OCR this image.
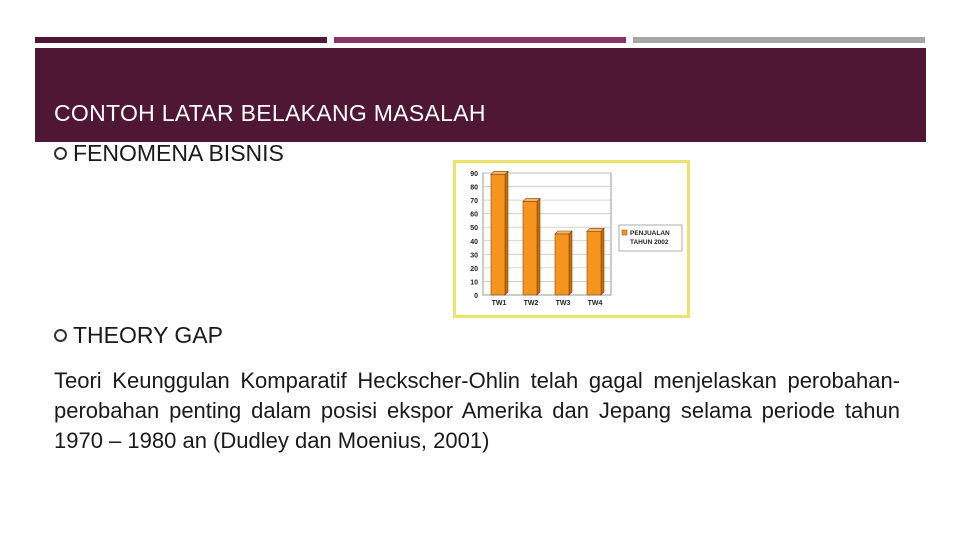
CONTOH LATAR BELAKANG MASALAH
FENOMENA BISNIS
0
10
20
30
40
50
60
70
80
90
TW1 TW2 TW3 TW4
PENJUALAN
TAHUN 2002
THEORY GAP
Teori Keunggulan Komparatif Heckscher-Ohlin telah gagal menjelaskan perobahan-perobahan penting dalam posisi ekspor Amerika dan Jepang selama periode tahun 1970 – 1980 an (Dudley dan Moenius, 2001)
